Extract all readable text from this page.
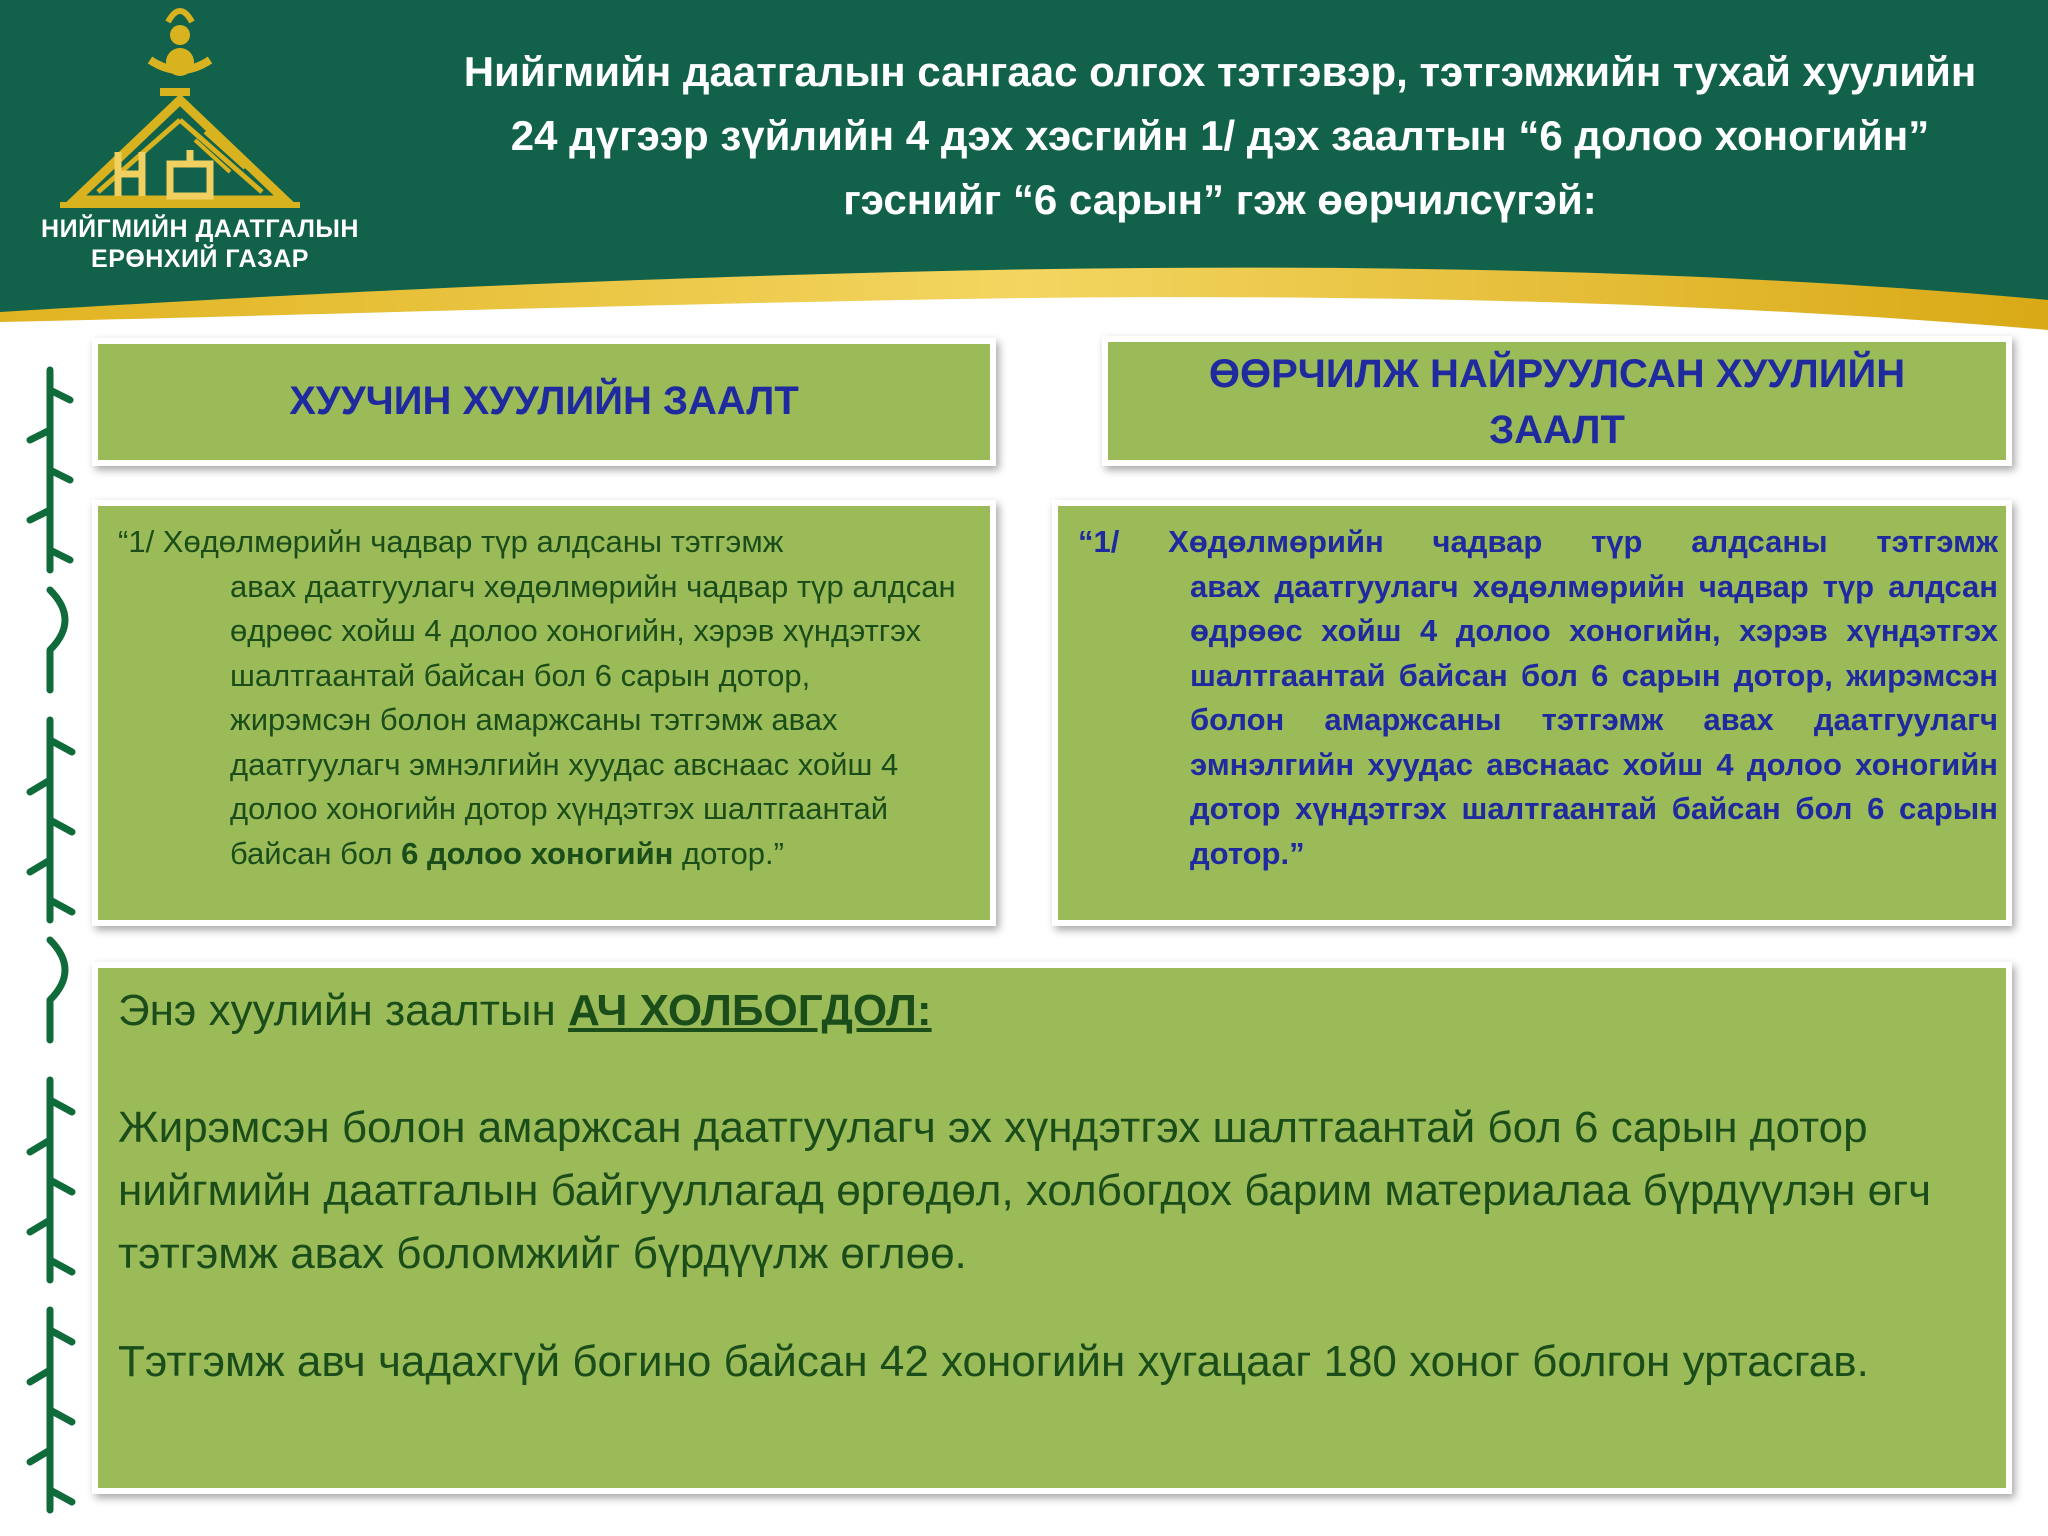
НИЙГМИЙН ДААТГАЛЫН
ЕРӨНХИЙ ГАЗАР
Нийгмийн даатгалын сангаас олгох тэтгэвэр, тэтгэмжийн тухай хуулийн 24 дүгээр зүйлийн 4 дэх хэсгийн 1/ дэх заалтын “6 долоо хоногийн” гэснийг “6 сарын” гэж өөрчилсүгэй:
ХУУЧИН ХУУЛИЙН ЗААЛТ
ӨӨРЧИЛЖ НАЙРУУЛСАН ХУУЛИЙН ЗААЛТ
“1/ Хөдөлмөрийн чадвар түр алдсаны тэтгэмж
авах даатгуулагч хөдөлмөрийн чадвар түр алдсан өдрөөс хойш 4 долоо хоногийн, хэрэв хүндэтгэх шалтгаантай байсан бол 6 сарын дотор, жирэмсэн болон амаржсаны тэтгэмж авах даатгуулагч эмнэлгийн хуудас авснаас хойш 4 долоо хоногийн дотор хүндэтгэх шалтгаантай байсан бол 6 долоо хоногийн дотор.”
“1/ Хөдөлмөрийн чадвар түр алдсаны тэтгэмж
авах даатгуулагч хөдөлмөрийн чадвар түр алдсан өдрөөс хойш 4 долоо хоногийн, хэрэв хүндэтгэх шалтгаантай байсан бол 6 сарын дотор, жирэмсэн болон амаржсаны тэтгэмж авах даатгуулагч эмнэлгийн хуудас авснаас хойш 4 долоо хоногийн дотор хүндэтгэх шалтгаантай байсан бол 6 сарын дотор.”
Энэ хуулийн заалтын АЧ ХОЛБОГДОЛ:
Жирэмсэн болон амаржсан даатгуулагч эх хүндэтгэх шалтгаантай бол 6 сарын дотор нийгмийн даатгалын байгууллагад өргөдөл, холбогдох барим материалаа бүрдүүлэн өгч тэтгэмж авах боломжийг бүрдүүлж өглөө.
Тэтгэмж авч чадахгүй богино байсан 42 хоногийн хугацааг 180 хоног болгон уртасгав.
